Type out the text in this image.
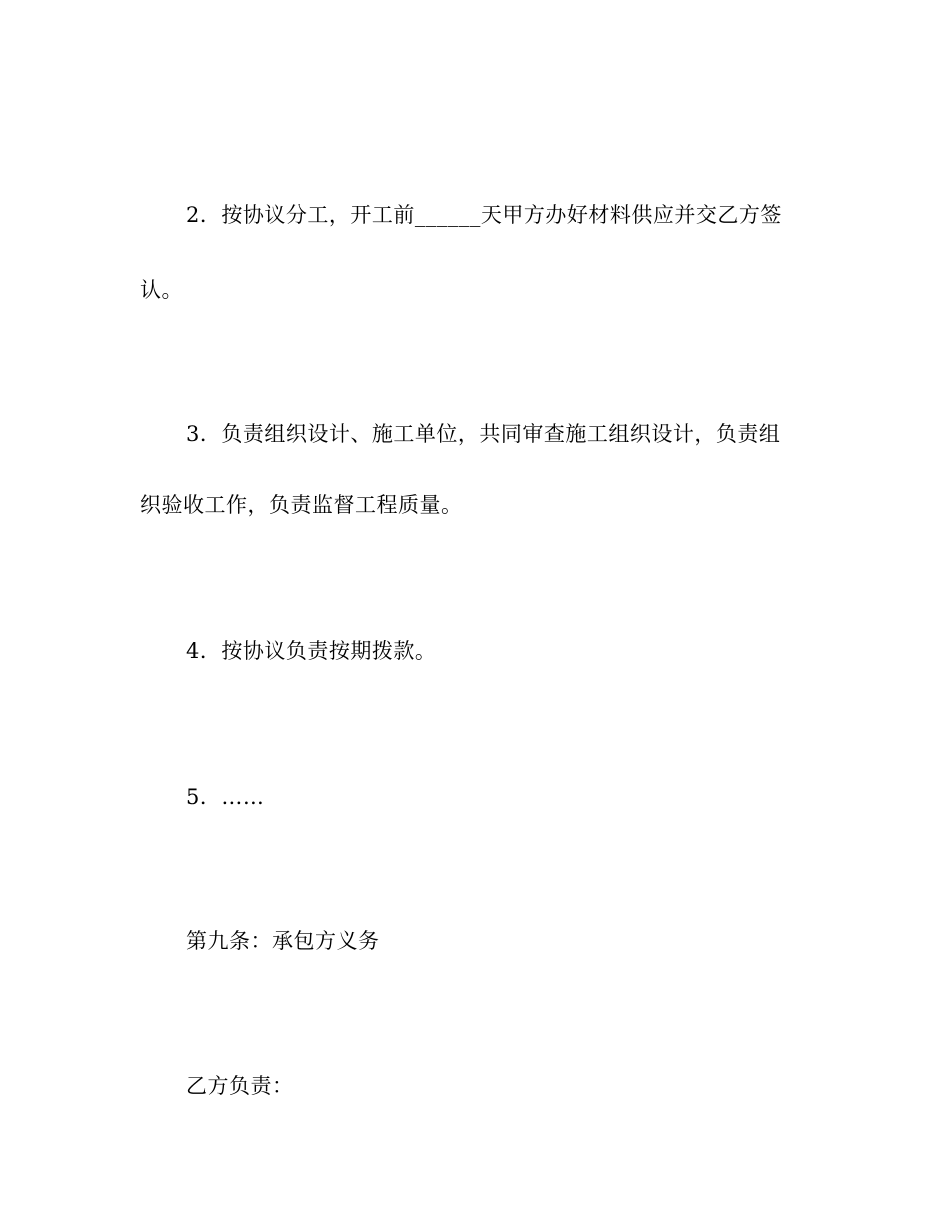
2．按协议分工，开工前______天甲方办好材料供应并交乙方签
认。
3．负责组织设计、施工单位，共同审查施工组织设计，负责组
织验收工作，负责监督工程质量。
4．按协议负责按期拨款。
5．……
第九条：承包方义务
乙方负责：
